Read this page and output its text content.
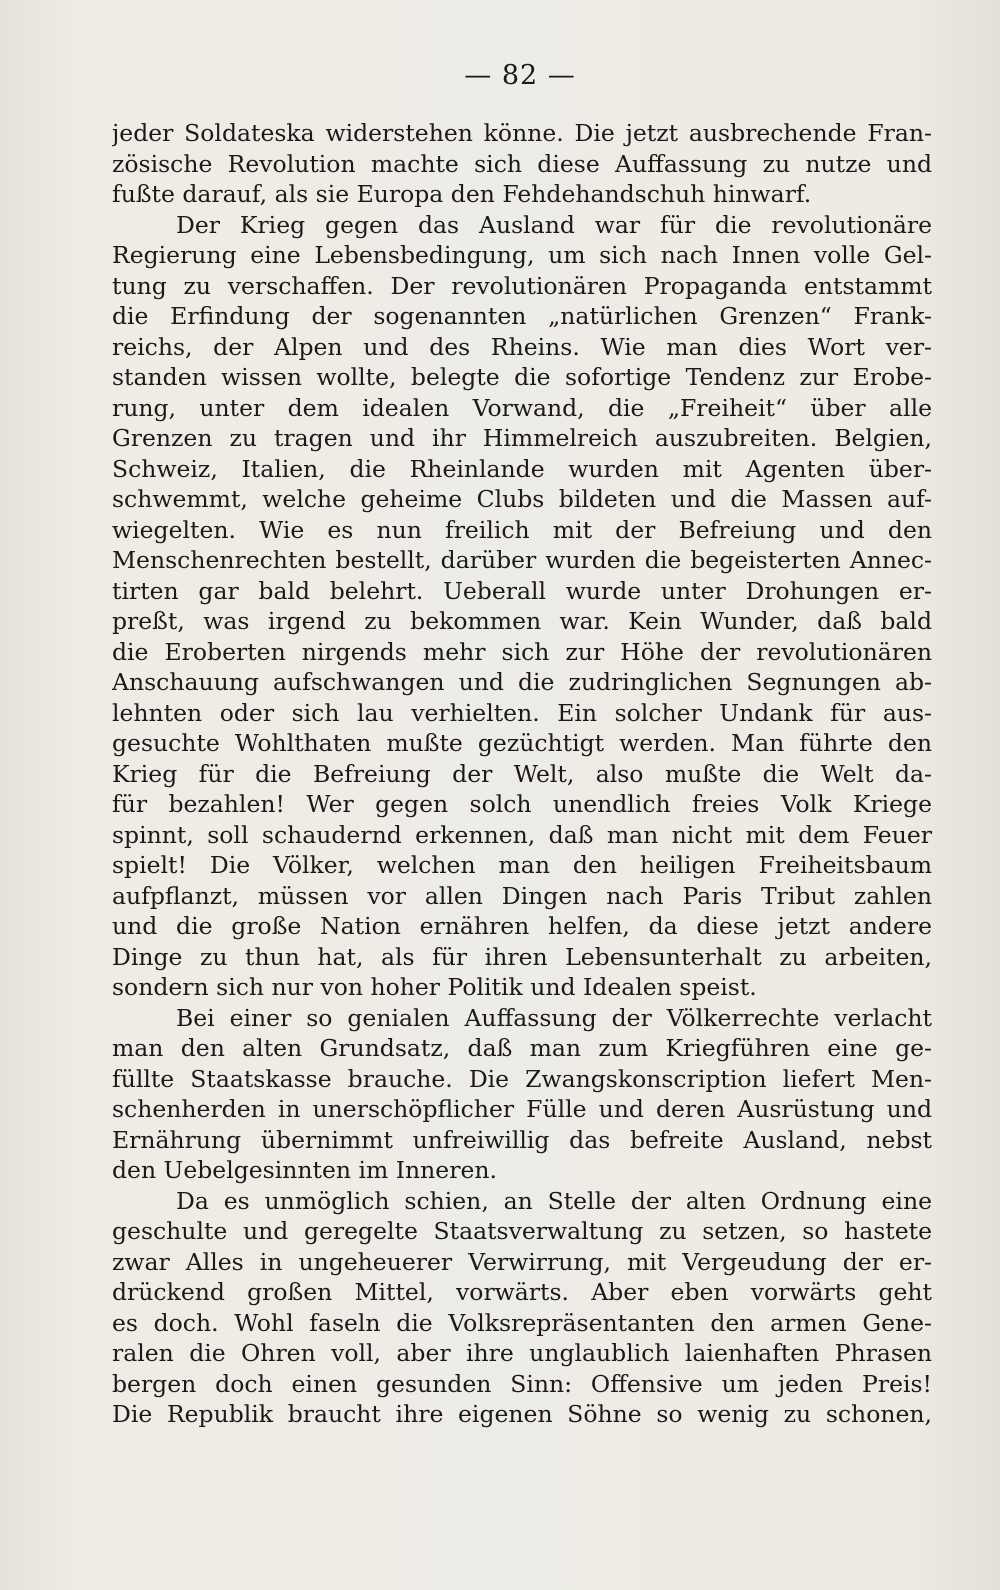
— 82 —
jeder Soldateska widerstehen könne. Die jetzt ausbrechende Fran-
zösische Revolution machte sich diese Auffassung zu nutze und
fußte darauf, als sie Europa den Fehdehandschuh hinwarf.
Der Krieg gegen das Ausland war für die revolutionäre
Regierung eine Lebensbedingung, um sich nach Innen volle Gel-
tung zu verschaffen. Der revolutionären Propaganda entstammt
die Erfindung der sogenannten „natürlichen Grenzen“ Frank-
reichs, der Alpen und des Rheins. Wie man dies Wort ver-
standen wissen wollte, belegte die sofortige Tendenz zur Erobe-
rung, unter dem idealen Vorwand, die „Freiheit“ über alle
Grenzen zu tragen und ihr Himmelreich auszubreiten. Belgien,
Schweiz, Italien, die Rheinlande wurden mit Agenten über-
schwemmt, welche geheime Clubs bildeten und die Massen auf-
wiegelten. Wie es nun freilich mit der Befreiung und den
Menschenrechten bestellt, darüber wurden die begeisterten Annec-
tirten gar bald belehrt. Ueberall wurde unter Drohungen er-
preßt, was irgend zu bekommen war. Kein Wunder, daß bald
die Eroberten nirgends mehr sich zur Höhe der revolutionären
Anschauung aufschwangen und die zudringlichen Segnungen ab-
lehnten oder sich lau verhielten. Ein solcher Undank für aus-
gesuchte Wohlthaten mußte gezüchtigt werden. Man führte den
Krieg für die Befreiung der Welt, also mußte die Welt da-
für bezahlen! Wer gegen solch unendlich freies Volk Kriege
spinnt, soll schaudernd erkennen, daß man nicht mit dem Feuer
spielt! Die Völker, welchen man den heiligen Freiheitsbaum
aufpflanzt, müssen vor allen Dingen nach Paris Tribut zahlen
und die große Nation ernähren helfen, da diese jetzt andere
Dinge zu thun hat, als für ihren Lebensunterhalt zu arbeiten,
sondern sich nur von hoher Politik und Idealen speist.
Bei einer so genialen Auffassung der Völkerrechte verlacht
man den alten Grundsatz, daß man zum Kriegführen eine ge-
füllte Staatskasse brauche. Die Zwangskonscription liefert Men-
schenherden in unerschöpflicher Fülle und deren Ausrüstung und
Ernährung übernimmt unfreiwillig das befreite Ausland, nebst
den Uebelgesinnten im Inneren.
Da es unmöglich schien, an Stelle der alten Ordnung eine
geschulte und geregelte Staatsverwaltung zu setzen, so hastete
zwar Alles in ungeheuerer Verwirrung, mit Vergeudung der er-
drückend großen Mittel, vorwärts. Aber eben vorwärts geht
es doch. Wohl faseln die Volksrepräsentanten den armen Gene-
ralen die Ohren voll, aber ihre unglaublich laienhaften Phrasen
bergen doch einen gesunden Sinn: Offensive um jeden Preis!
Die Republik braucht ihre eigenen Söhne so wenig zu schonen,
